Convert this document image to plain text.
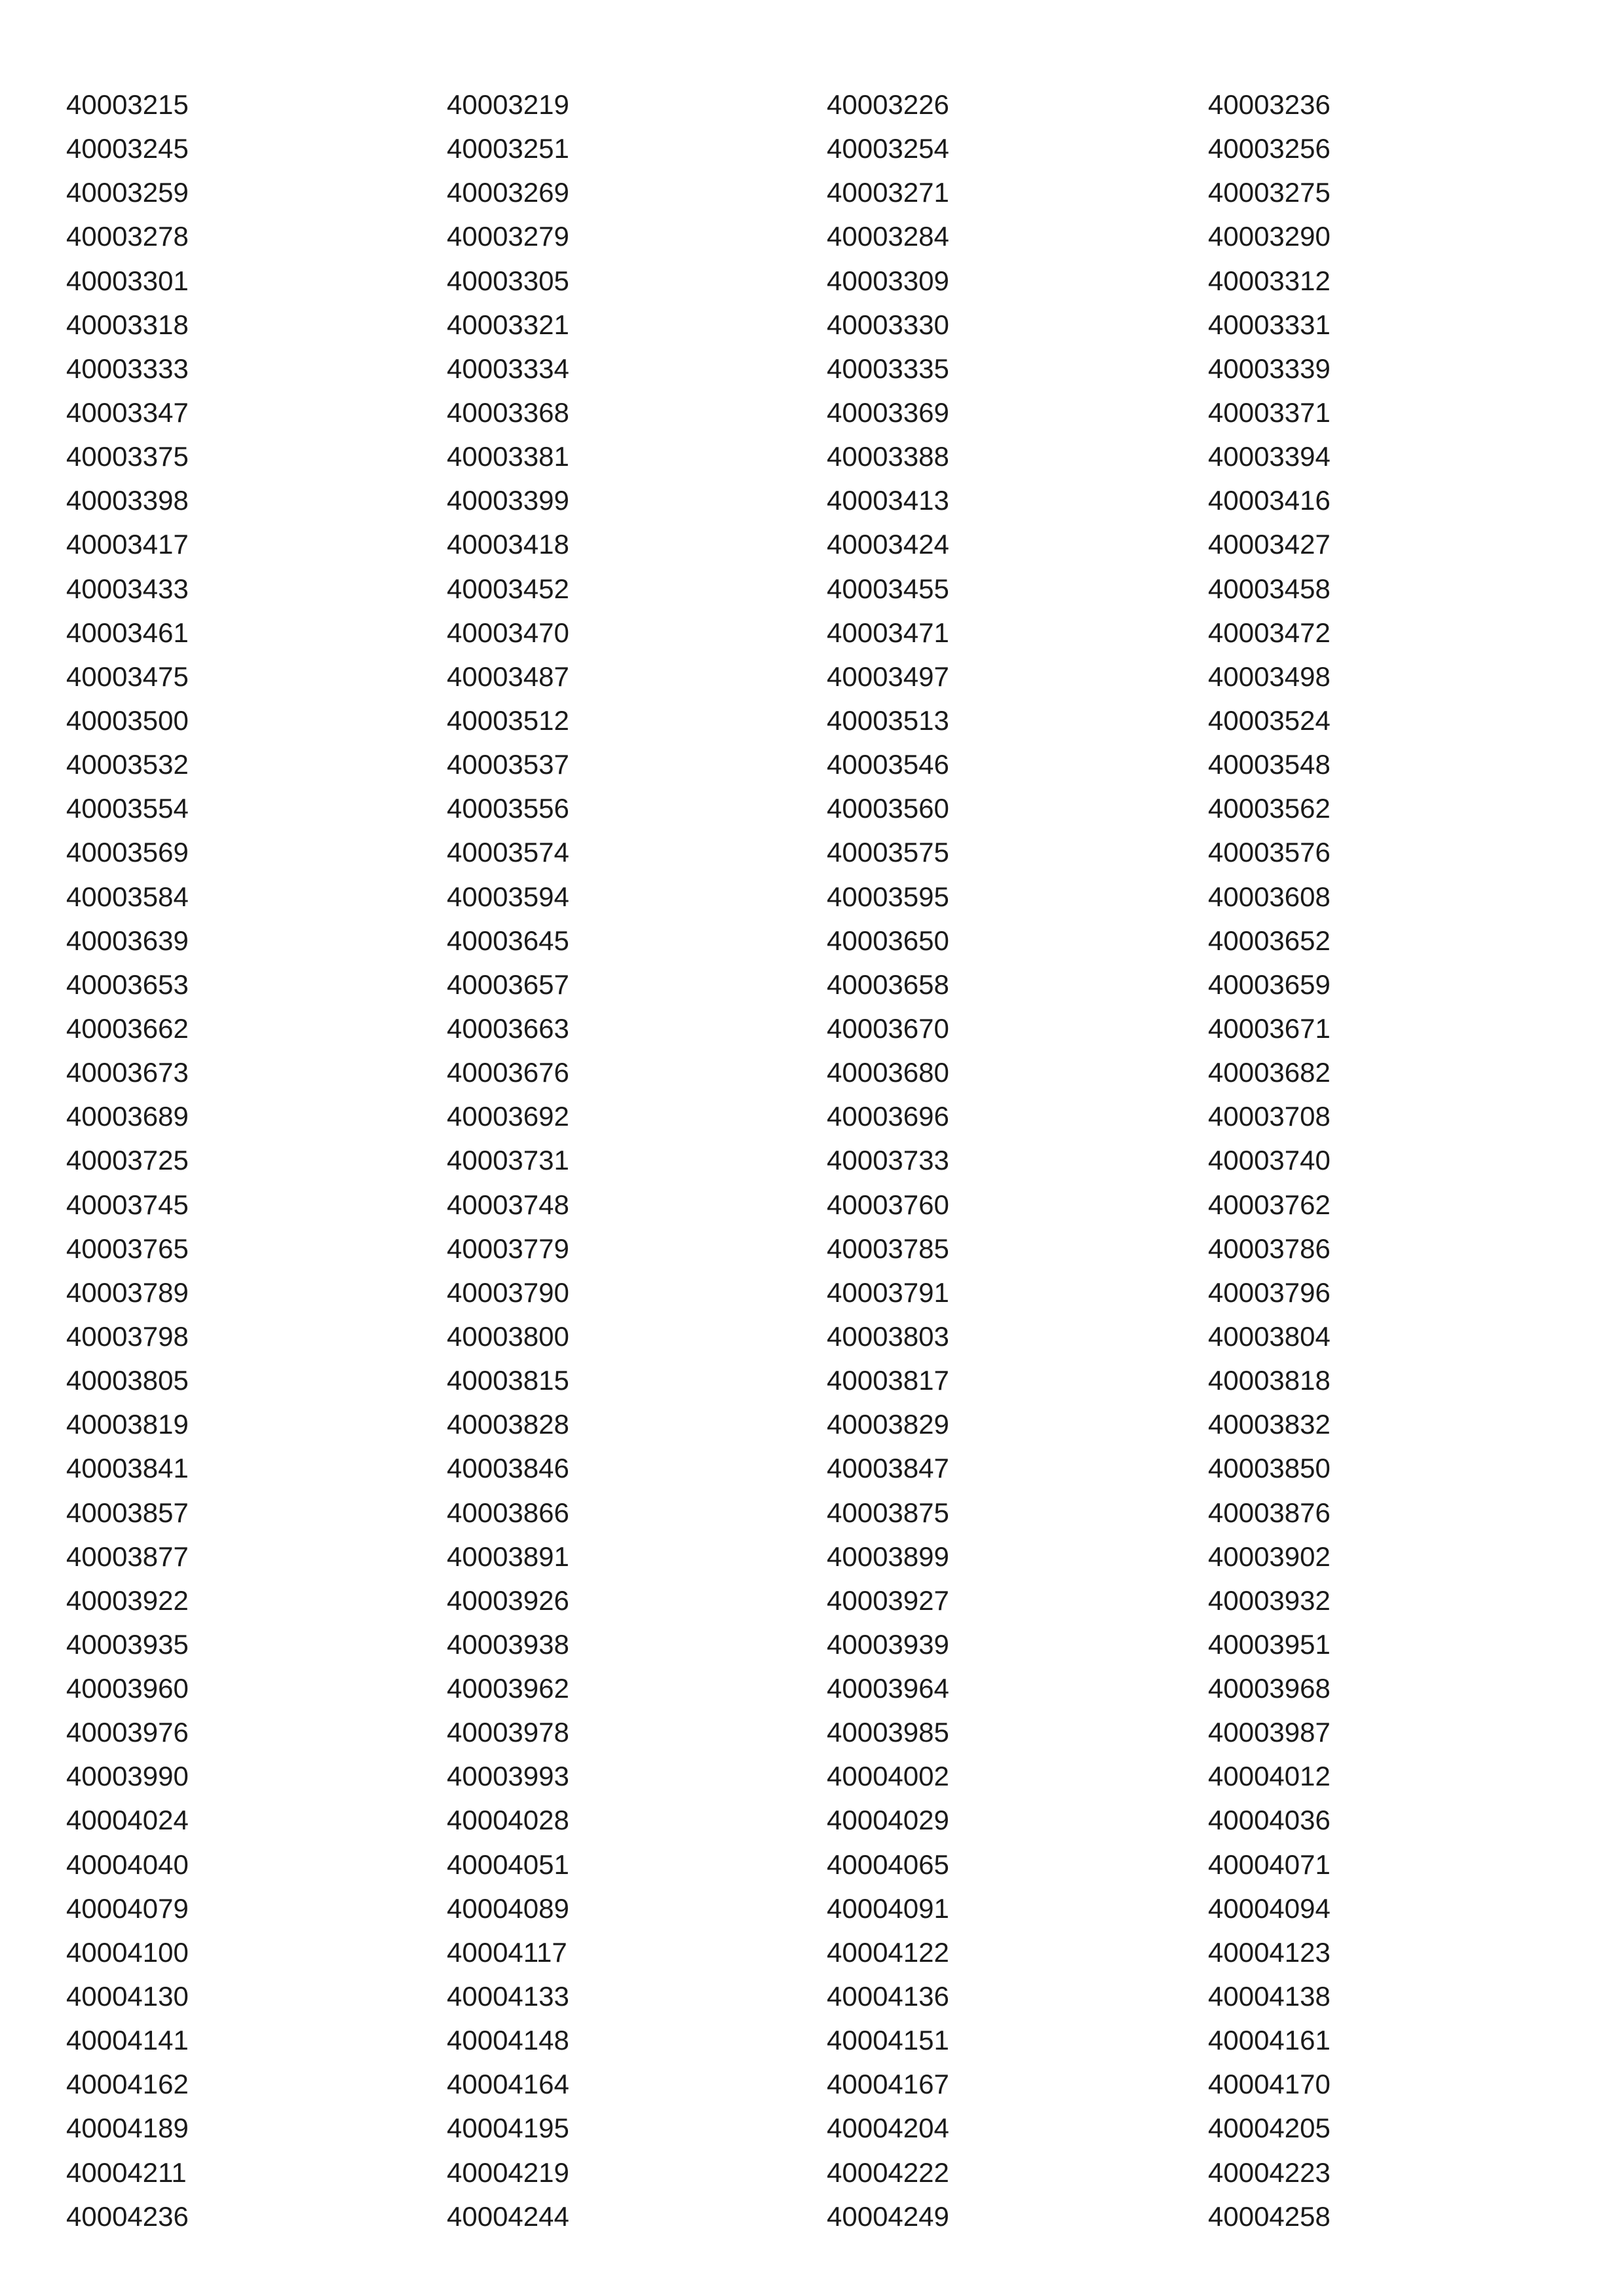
40003215	40003219	40003226	40003236
40003245	40003251	40003254	40003256
40003259	40003269	40003271	40003275
40003278	40003279	40003284	40003290
40003301	40003305	40003309	40003312
40003318	40003321	40003330	40003331
40003333	40003334	40003335	40003339
40003347	40003368	40003369	40003371
40003375	40003381	40003388	40003394
40003398	40003399	40003413	40003416
40003417	40003418	40003424	40003427
40003433	40003452	40003455	40003458
40003461	40003470	40003471	40003472
40003475	40003487	40003497	40003498
40003500	40003512	40003513	40003524
40003532	40003537	40003546	40003548
40003554	40003556	40003560	40003562
40003569	40003574	40003575	40003576
40003584	40003594	40003595	40003608
40003639	40003645	40003650	40003652
40003653	40003657	40003658	40003659
40003662	40003663	40003670	40003671
40003673	40003676	40003680	40003682
40003689	40003692	40003696	40003708
40003725	40003731	40003733	40003740
40003745	40003748	40003760	40003762
40003765	40003779	40003785	40003786
40003789	40003790	40003791	40003796
40003798	40003800	40003803	40003804
40003805	40003815	40003817	40003818
40003819	40003828	40003829	40003832
40003841	40003846	40003847	40003850
40003857	40003866	40003875	40003876
40003877	40003891	40003899	40003902
40003922	40003926	40003927	40003932
40003935	40003938	40003939	40003951
40003960	40003962	40003964	40003968
40003976	40003978	40003985	40003987
40003990	40003993	40004002	40004012
40004024	40004028	40004029	40004036
40004040	40004051	40004065	40004071
40004079	40004089	40004091	40004094
40004100	40004117	40004122	40004123
40004130	40004133	40004136	40004138
40004141	40004148	40004151	40004161
40004162	40004164	40004167	40004170
40004189	40004195	40004204	40004205
40004211	40004219	40004222	40004223
40004236	40004244	40004249	40004258
